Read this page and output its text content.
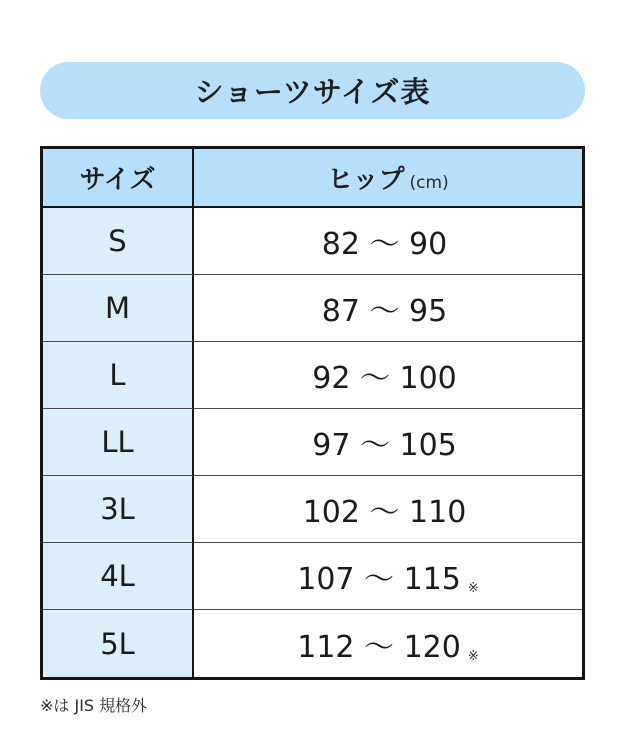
ショーツサイズ表
サイズ	ヒップ (cm)
S	82 〜 90
M	87 〜 95
L	92 〜 100
LL	97 〜 105
3L	102 〜 110
4L	107 〜 115 ※
5L	112 〜 120 ※
※は JIS 規格外
